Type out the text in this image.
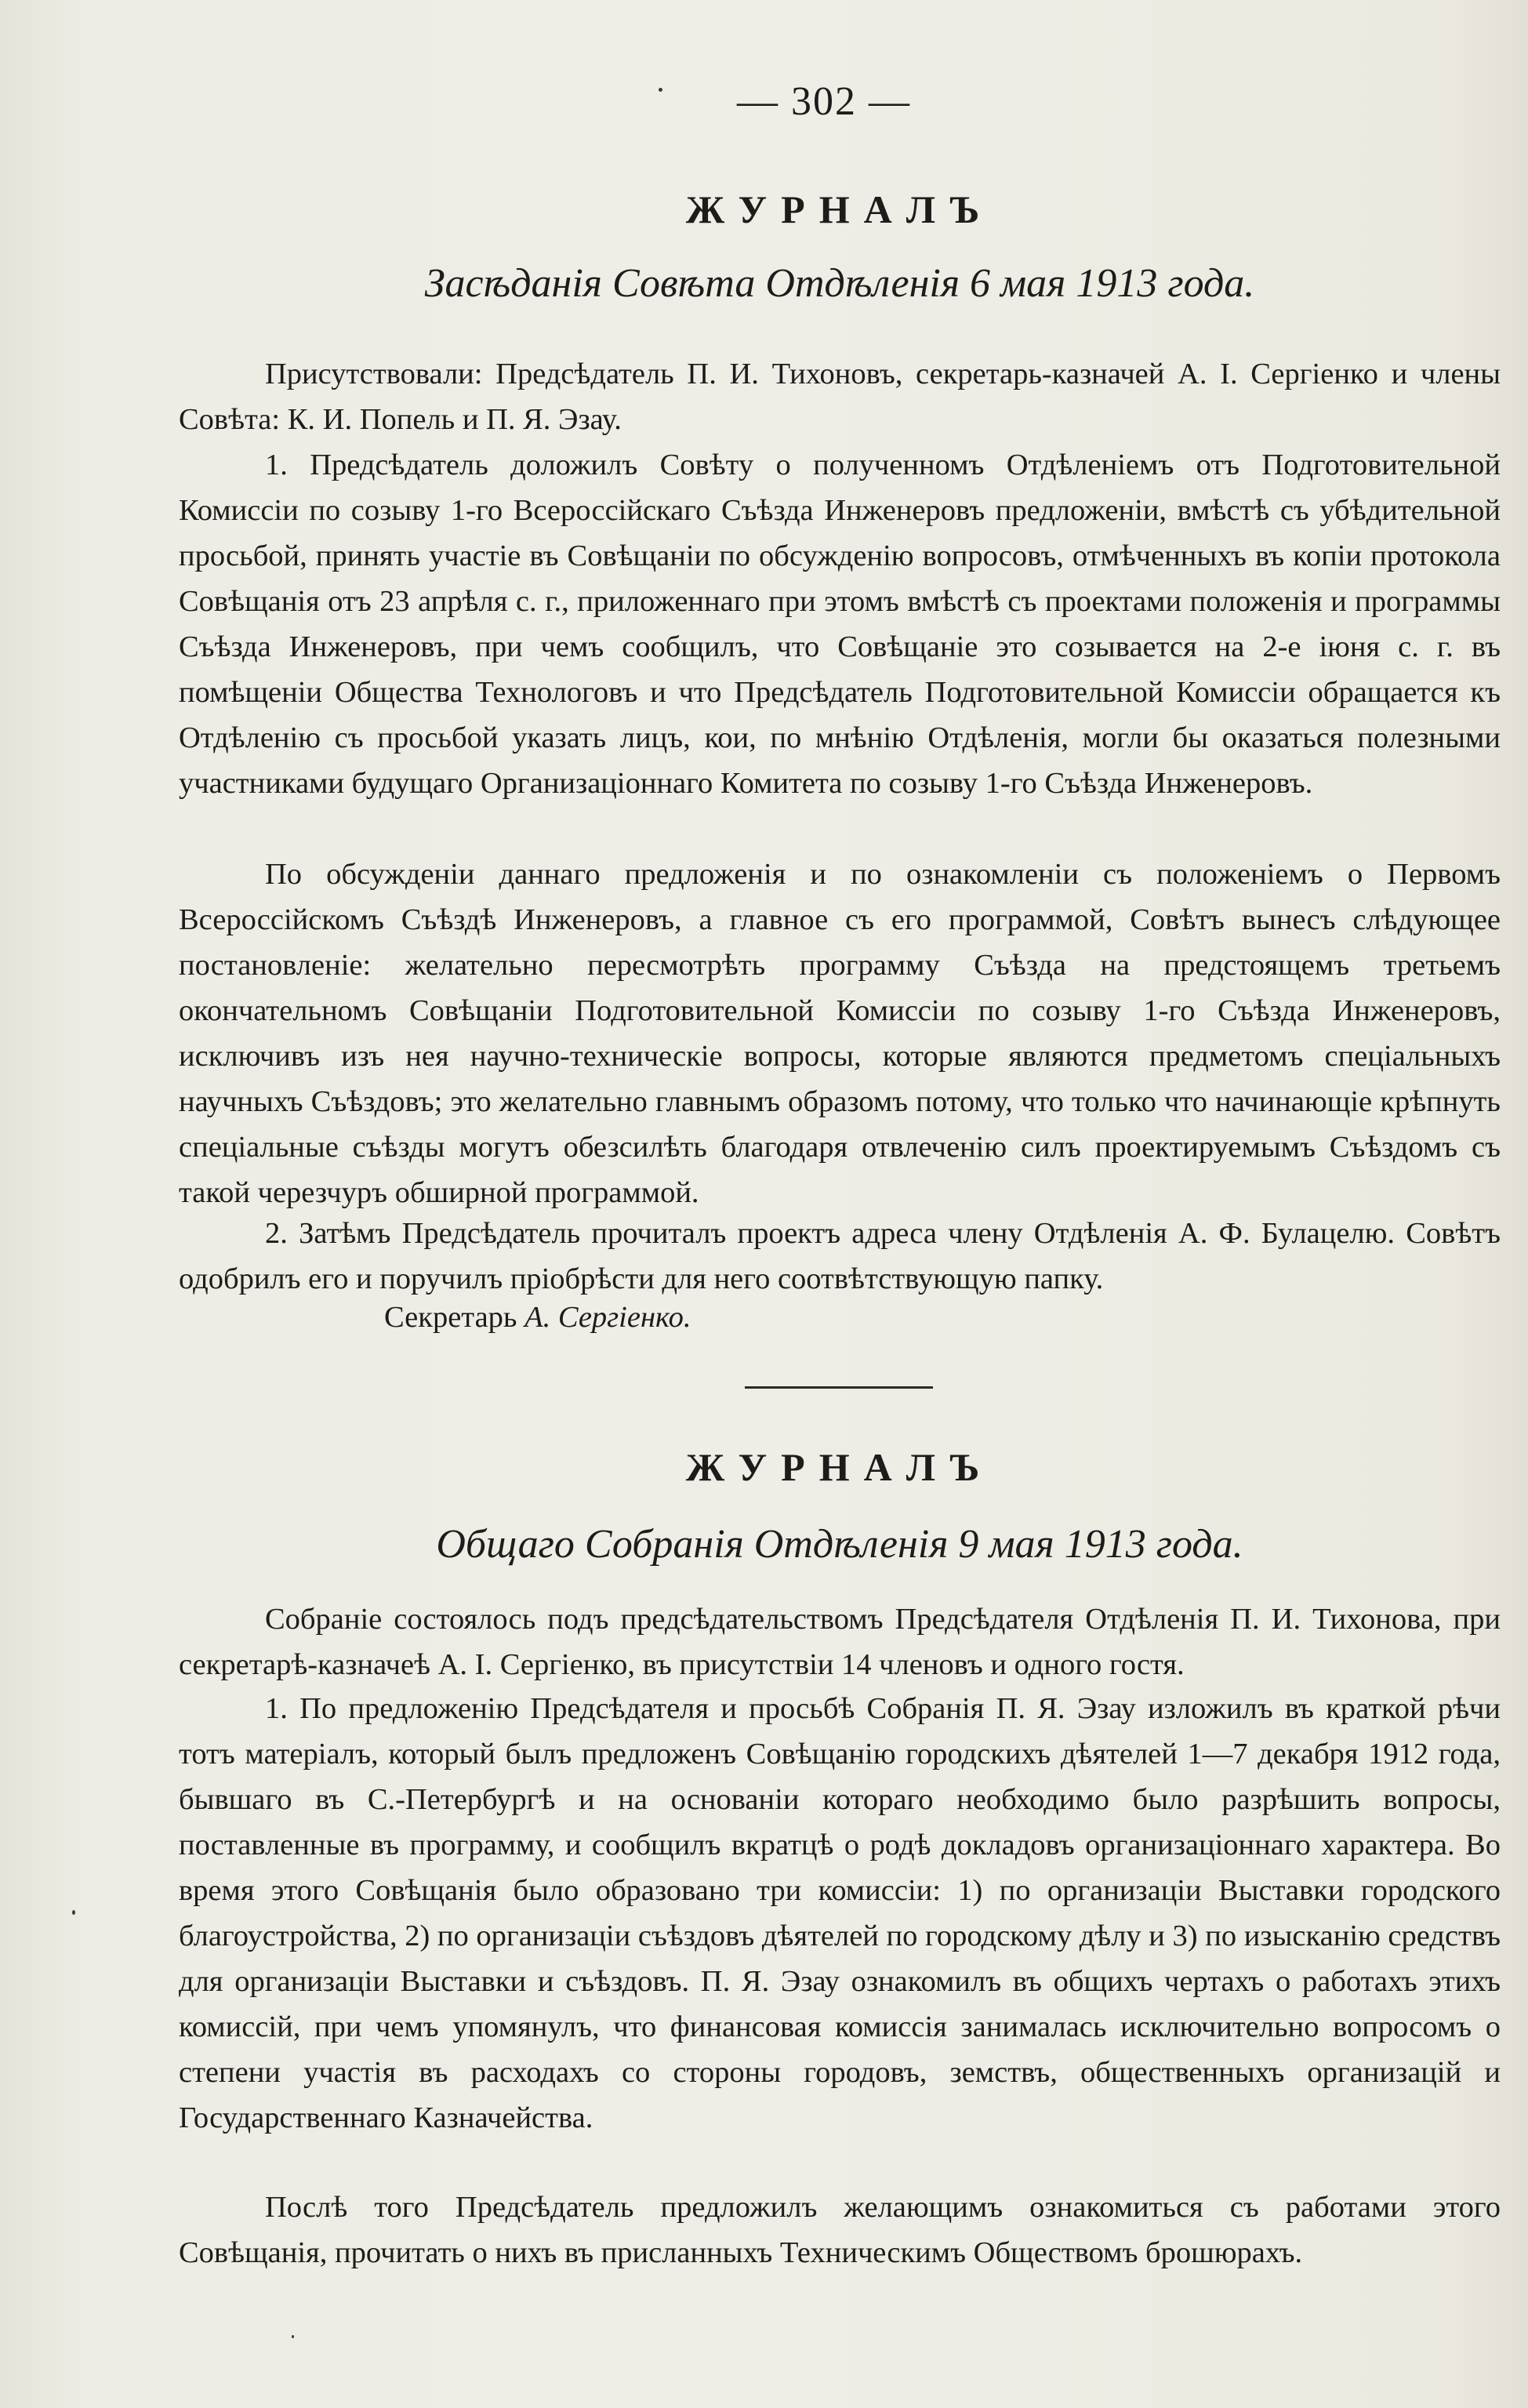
— 302 —
ЖУРНАЛЪ
Засѣданія Совѣта Отдѣленія 6 мая 1913 года.

Присутствовали: Предсѣдатель П. И. Тихоновъ, секретарь-казначей А. І. Сергіенко и члены Совѣта: К. И. Попель и П. Я. Эзау.

1. Предсѣдатель доложилъ Совѣту о полученномъ Отдѣленіемъ отъ Подготовительной Комиссіи по созыву 1-го Всероссійскаго Съѣзда Инженеровъ предложеніи, вмѣстѣ съ убѣдительной просьбой, принять участіе въ Совѣщаніи по обсужденію вопросовъ, отмѣченныхъ въ копіи протокола Совѣщанія отъ 23 апрѣля с. г., приложеннаго при этомъ вмѣстѣ съ проектами положенія и программы Съѣзда Инженеровъ, при чемъ сообщилъ, что Совѣщаніе это созывается на 2-е іюня с. г. въ помѣщеніи Общества Технологовъ и что Предсѣдатель Подготовительной Комиссіи обращается къ Отдѣленію съ просьбой указать лицъ, кои, по мнѣнію Отдѣленія, могли бы оказаться полезными участниками будущаго Организаціоннаго Комитета по созыву 1-го Съѣзда Инженеровъ.

По обсужденіи даннаго предложенія и по ознакомленіи съ положеніемъ о Первомъ Всероссійскомъ Съѣздѣ Инженеровъ, а главное съ его программой, Совѣтъ вынесъ слѣдующее постановленіе: желательно пересмотрѣть программу Съѣзда на предстоящемъ третьемъ окончательномъ Совѣщаніи Подготовительной Комиссіи по созыву 1-го Съѣзда Инженеровъ, исключивъ изъ нея научно-техническіе вопросы, которые являются предметомъ спеціальныхъ научныхъ Съѣздовъ; это желательно главнымъ образомъ потому, что только что начинающіе крѣпнуть спеціальные съѣзды могутъ обезсилѣть благодаря отвлеченію силъ проектируемымъ Съѣздомъ съ такой черезчуръ обширной программой.

2. Затѣмъ Предсѣдатель прочиталъ проектъ адреса члену Отдѣленія А. Ф. Булацелю. Совѣтъ одобрилъ его и поручилъ пріобрѣсти для него соотвѣтствующую папку.

Секретарь А. Сергіенко.
ЖУРНАЛЪ
Общаго Собранія Отдѣленія 9 мая 1913 года.

Собраніе состоялось подъ предсѣдательствомъ Предсѣдателя Отдѣленія П. И. Тихонова, при секретарѣ-казначеѣ А. І. Сергіенко, въ присутствіи 14 членовъ и одного гостя.

1. По предложенію Предсѣдателя и просьбѣ Собранія П. Я. Эзау изложилъ въ краткой рѣчи тотъ матеріалъ, который былъ предложенъ Совѣщанію городскихъ дѣятелей 1—7 декабря 1912 года, бывшаго въ С.-Петербургѣ и на основаніи котораго необходимо было разрѣшить вопросы, поставленные въ программу, и сообщилъ вкратцѣ о родѣ докладовъ организаціоннаго характера. Во время этого Совѣщанія было образовано три комиссіи: 1) по организаціи Выставки городского благоустройства, 2) по организаціи съѣздовъ дѣятелей по городскому дѣлу и 3) по изысканію средствъ для организаціи Выставки и съѣздовъ. П. Я. Эзау ознакомилъ въ общихъ чертахъ о работахъ этихъ комиссій, при чемъ упомянулъ, что финансовая комиссія занималась исключительно вопросомъ о степени участія въ расходахъ со стороны городовъ, земствъ, общественныхъ организацій и Государственнаго Казначейства.

Послѣ того Предсѣдатель предложилъ желающимъ ознакомиться съ работами этого Совѣщанія, прочитать о нихъ въ присланныхъ Техническимъ Обществомъ брошюрахъ.
